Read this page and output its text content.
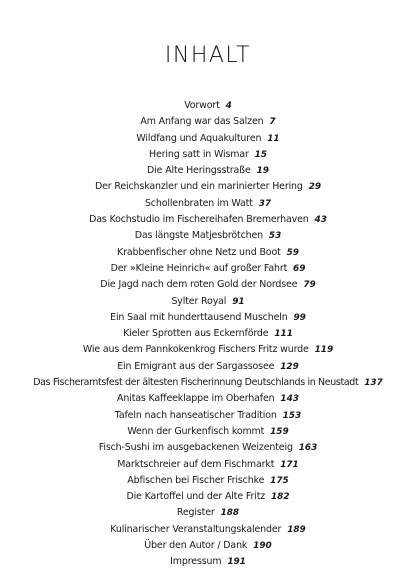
INHALT
Vorwort 4
Am Anfang war das Salzen 7
Wildfang und Aquakulturen 11
Hering satt in Wismar 15
Die Alte Heringsstraße 19
Der Reichskanzler und ein marinierter Hering 29
Schollenbraten im Watt 37
Das Kochstudio im Fischereihafen Bremerhaven 43
Das längste Matjesbrötchen 53
Krabbenfischer ohne Netz und Boot 59
Der »Kleine Heinrich« auf großer Fahrt 69
Die Jagd nach dem roten Gold der Nordsee 79
Sylter Royal 91
Ein Saal mit hunderttausend Muscheln 99
Kieler Sprotten aus Eckernförde 111
Wie aus dem Pannkokenkrog Fischers Fritz wurde 119
Ein Emigrant aus der Sargassosee 129
Das Fischeramtsfest der ältesten Fischerinnung Deutschlands in Neustadt 137
Anitas Kaffeeklappe im Oberhafen 143
Tafeln nach hanseatischer Tradition 153
Wenn der Gurkenfisch kommt 159
Fisch-Sushi im ausgebackenen Weizenteig 163
Marktschreier auf dem Fischmarkt 171
Abfischen bei Fischer Frischke 175
Die Kartoffel und der Alte Fritz 182
Register 188
Kulinarischer Veranstaltungskalender 189
Über den Autor / Dank 190
Impressum 191
